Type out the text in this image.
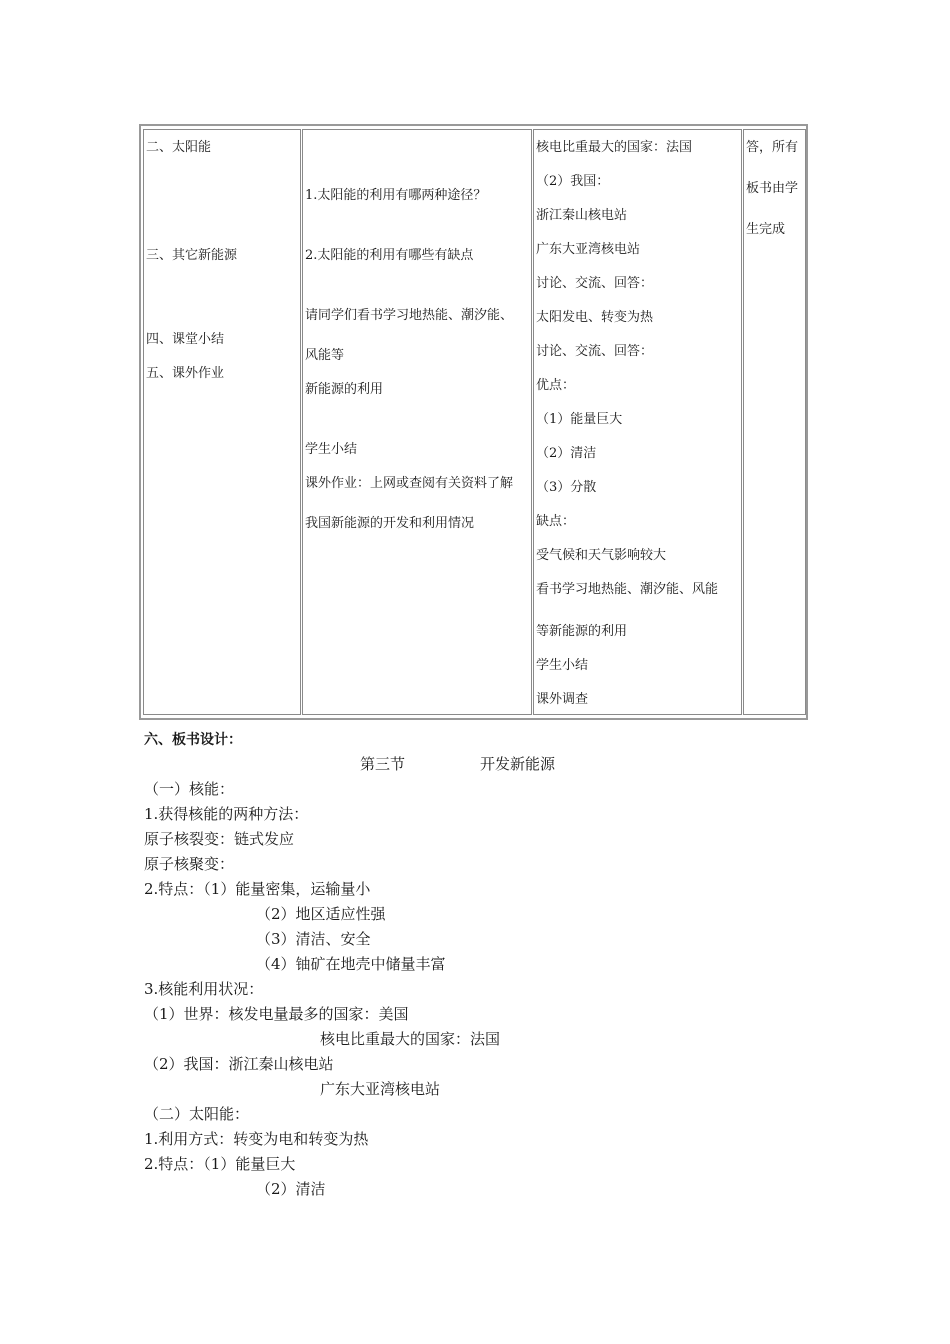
二、太阳能
三、其它新能源
四、课堂小结
五、课外作业
1.太阳能的利用有哪两种途径？
2.太阳能的利用有哪些有缺点
请同学们看书学习地热能、潮汐能、
风能等
新能源的利用
学生小结
课外作业：上网或查阅有关资料了解
我国新能源的开发和利用情况
核电比重最大的国家：法国
（2）我国：
浙江秦山核电站
广东大亚湾核电站
讨论、交流、回答：
太阳发电、转变为热
讨论、交流、回答：
优点：
（1）能量巨大
（2）清洁
（3）分散
缺点：
受气候和天气影响较大
看书学习地热能、潮汐能、风能
等新能源的利用
学生小结
课外调查
答，所有
板书由学
生完成
六、板书设计：
第三节	开发新能源
（一）核能：
1.获得核能的两种方法：
原子核裂变：链式发应
原子核聚变：
2.特点：（1）能量密集，运输量小
（2）地区适应性强
（3）清洁、安全
（4）铀矿在地壳中储量丰富
3.核能利用状况：
（1）世界：核发电量最多的国家：美国
核电比重最大的国家：法国
（2）我国：浙江秦山核电站
广东大亚湾核电站
（二）太阳能：
1.利用方式：转变为电和转变为热
2.特点：（1）能量巨大
（2）清洁
